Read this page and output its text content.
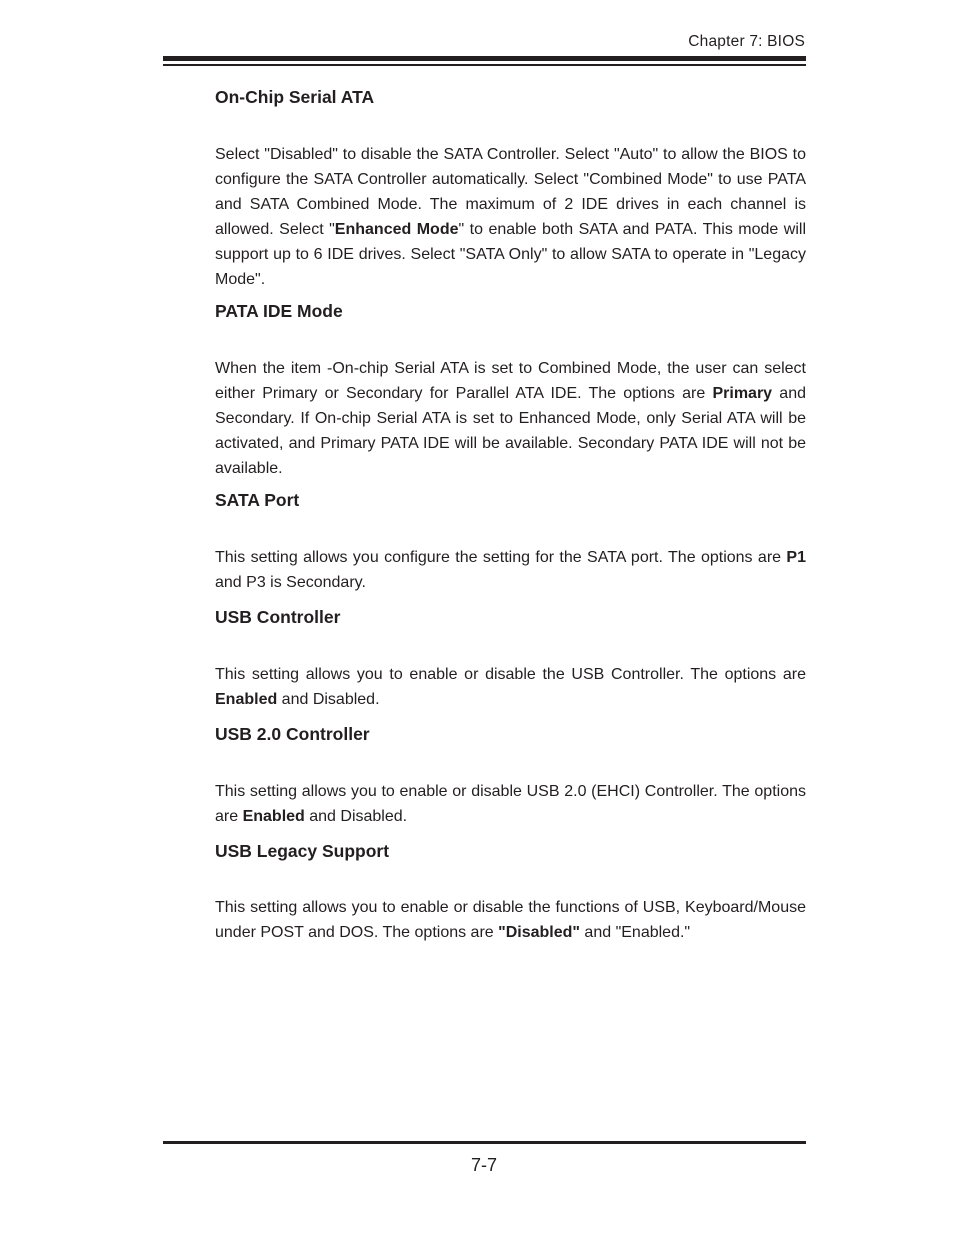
Chapter 7: BIOS
On-Chip Serial ATA

Select "Disabled" to disable the SATA Controller. Select "Auto" to allow the BIOS to configure the SATA Controller automatically. Select "Combined Mode" to use PATA and SATA Combined Mode. The maximum of 2 IDE drives in each channel is allowed. Select "Enhanced Mode" to enable both SATA and PATA. This mode will support up to 6 IDE drives. Select "SATA Only" to allow SATA to operate in "Legacy Mode".

PATA IDE Mode

When the item -On-chip Serial ATA is set to Combined Mode, the user can select either Primary or Secondary for Parallel ATA IDE. The options are Primary and Secondary. If On-chip Serial ATA is set to Enhanced Mode, only Serial ATA will be activated, and Primary PATA IDE will be available. Secondary PATA IDE will not be available.

SATA Port

This setting allows you configure the setting for the SATA port. The options are P1 and P3 is Secondary.

USB Controller

This setting allows you to enable or disable the USB Controller. The options are Enabled and Disabled.

USB 2.0 Controller

This setting allows you to enable or disable USB 2.0 (EHCI) Controller. The options are Enabled and Disabled.

USB Legacy Support

This setting allows you to enable or disable the functions of USB, Keyboard/Mouse under POST and DOS. The options are "Disabled" and "Enabled."

7-7
